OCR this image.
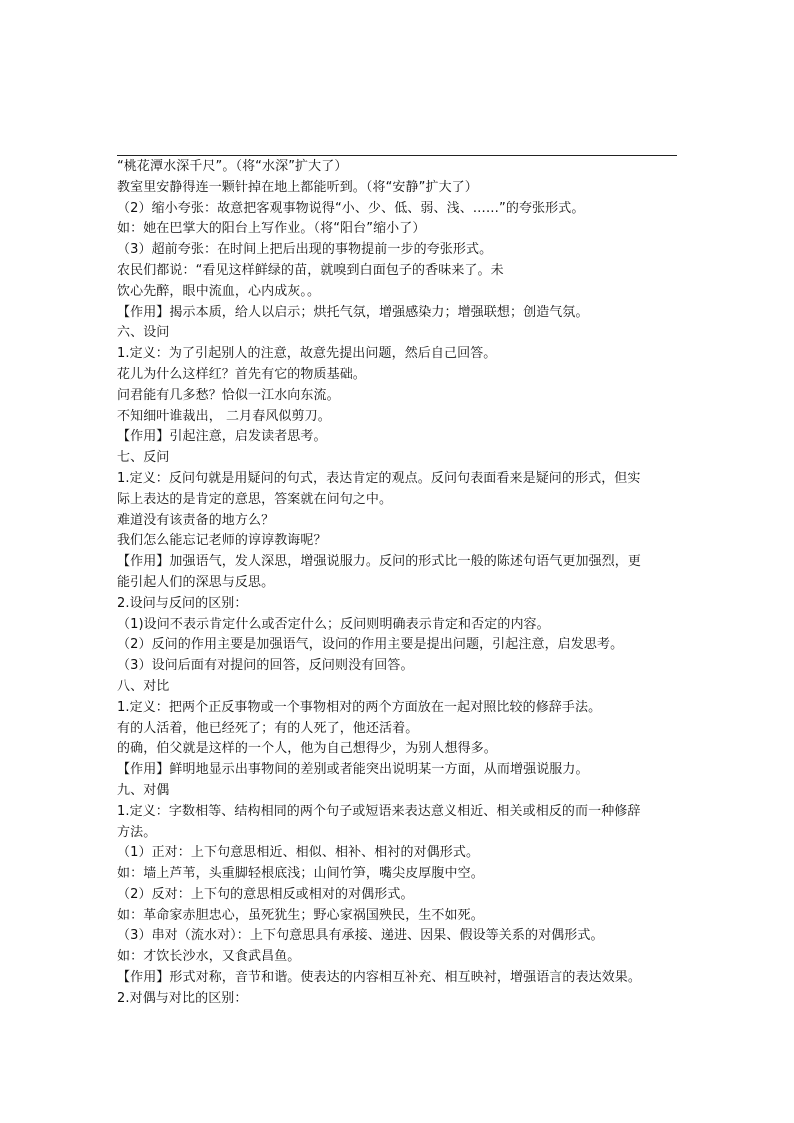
“桃花潭水深千尺”。（将“水深”扩大了）
教室里安静得连一颗针掉在地上都能听到。（将“安静”扩大了）
（2）缩小夸张：故意把客观事物说得“小、少、低、弱、浅、……”的夸张形式。
如：她在巴掌大的阳台上写作业。（将“阳台”缩小了）
（3）超前夸张：在时间上把后出现的事物提前一步的夸张形式。
农民们都说：“看见这样鲜绿的苗，就嗅到白面包子的香味来了。未
饮心先醉，眼中流血，心内成灰。。
【作用】揭示本质，给人以启示；烘托气氛，增强感染力；增强联想；创造气氛。
六、设问
1.定义：为了引起别人的注意，故意先提出问题，然后自己回答。
花儿为什么这样红？首先有它的物质基础。
问君能有几多愁？恰似一江水向东流。
不知细叶谁裁出， 二月春风似剪刀。
【作用】引起注意，启发读者思考。
七、反问
1.定义：反问句就是用疑问的句式，表达肯定的观点。反问句表面看来是疑问的形式，但实
际上表达的是肯定的意思，答案就在问句之中。
难道没有该责备的地方么？
我们怎么能忘记老师的谆谆教诲呢？
【作用】加强语气，发人深思，增强说服力。反问的形式比一般的陈述句语气更加强烈，更
能引起人们的深思与反思。
2.设问与反问的区别：
（1)设问不表示肯定什么或否定什么；反问则明确表示肯定和否定的内容。
（2）反问的作用主要是加强语气，设问的作用主要是提出问题，引起注意，启发思考。
（3）设问后面有对提问的回答，反问则没有回答。
八、对比
1.定义：把两个正反事物或一个事物相对的两个方面放在一起对照比较的修辞手法。
有的人活着，他已经死了；有的人死了，他还活着。
的确，伯父就是这样的一个人，他为自己想得少，为别人想得多。
【作用】鲜明地显示出事物间的差别或者能突出说明某一方面，从而增强说服力。
九、对偶
1.定义：字数相等、结构相同的两个句子或短语来表达意义相近、相关或相反的而一种修辞
方法。
（1）正对：上下句意思相近、相似、相补、相衬的对偶形式。
如：墙上芦苇，头重脚轻根底浅；山间竹笋，嘴尖皮厚腹中空。
（2）反对：上下句的意思相反或相对的对偶形式。
如：革命家赤胆忠心，虽死犹生；野心家祸国殃民，生不如死。
（3）串对（流水对）：上下句意思具有承接、递进、因果、假设等关系的对偶形式。
如：才饮长沙水，又食武昌鱼。
【作用】形式对称，音节和谐。使表达的内容相互补充、相互映衬，增强语言的表达效果。
2.对偶与对比的区别：
